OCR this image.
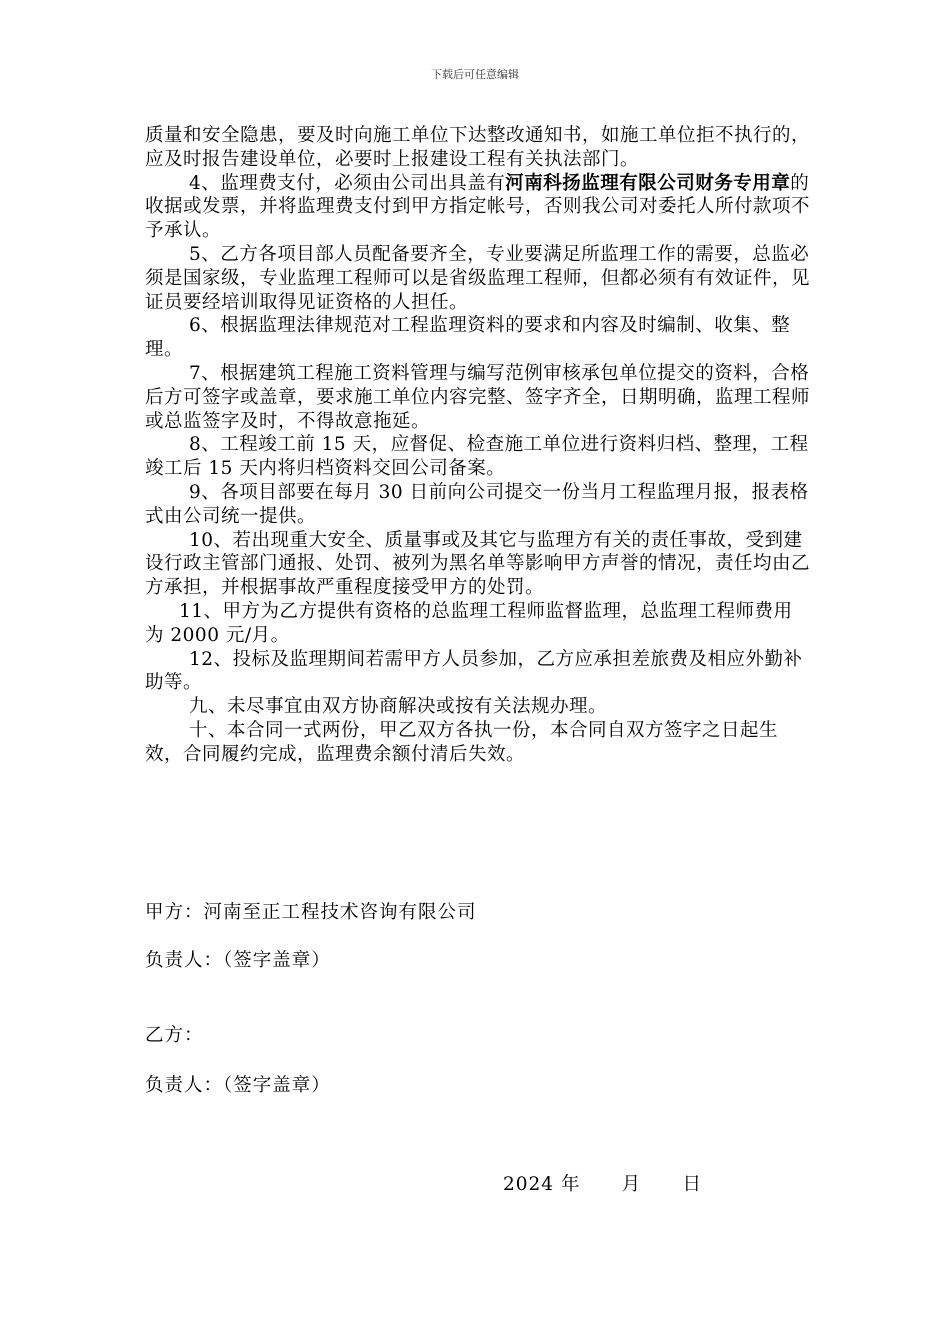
下载后可任意编辑

质量和安全隐患，要及时向施工单位下达整改通知书，如施工单位拒不执行的，应及时报告建设单位，必要时上报建设工程有关执法部门。

4、监理费支付，必须由公司出具盖有河南科扬监理有限公司财务专用章的收据或发票，并将监理费支付到甲方指定帐号，否则我公司对委托人所付款项不予承认。

5、乙方各项目部人员配备要齐全，专业要满足所监理工作的需要，总监必须是国家级，专业监理工程师可以是省级监理工程师，但都必须有有效证件，见证员要经培训取得见证资格的人担任。

6、根据监理法律规范对工程监理资料的要求和内容及时编制、收集、整理。

7、根据建筑工程施工资料管理与编写范例审核承包单位提交的资料，合格后方可签字或盖章，要求施工单位内容完整、签字齐全，日期明确，监理工程师或总监签字及时，不得故意拖延。

8、工程竣工前 15 天，应督促、检查施工单位进行资料归档、整理，工程竣工后 15 天内将归档资料交回公司备案。

9、各项目部要在每月 30 日前向公司提交一份当月工程监理月报，报表格式由公司统一提供。

10、若出现重大安全、质量事或及其它与监理方有关的责任事故，受到建设行政主管部门通报、处罚、被列为黑名单等影响甲方声誉的情况，责任均由乙方承担，并根据事故严重程度接受甲方的处罚。

11、甲方为乙方提供有资格的总监理工程师监督监理，总监理工程师费用为 2000 元/月。

12、投标及监理期间若需甲方人员参加，乙方应承担差旅费及相应外勤补助等。

九、未尽事宜由双方协商解决或按有关法规办理。

十、本合同一式两份，甲乙双方各执一份，本合同自双方签字之日起生效，合同履约完成，监理费余额付清后失效。

甲方：河南至正工程技术咨询有限公司
负责人：（签字盖章）
乙方：
负责人：（签字盖章）
2024 年      月      日
